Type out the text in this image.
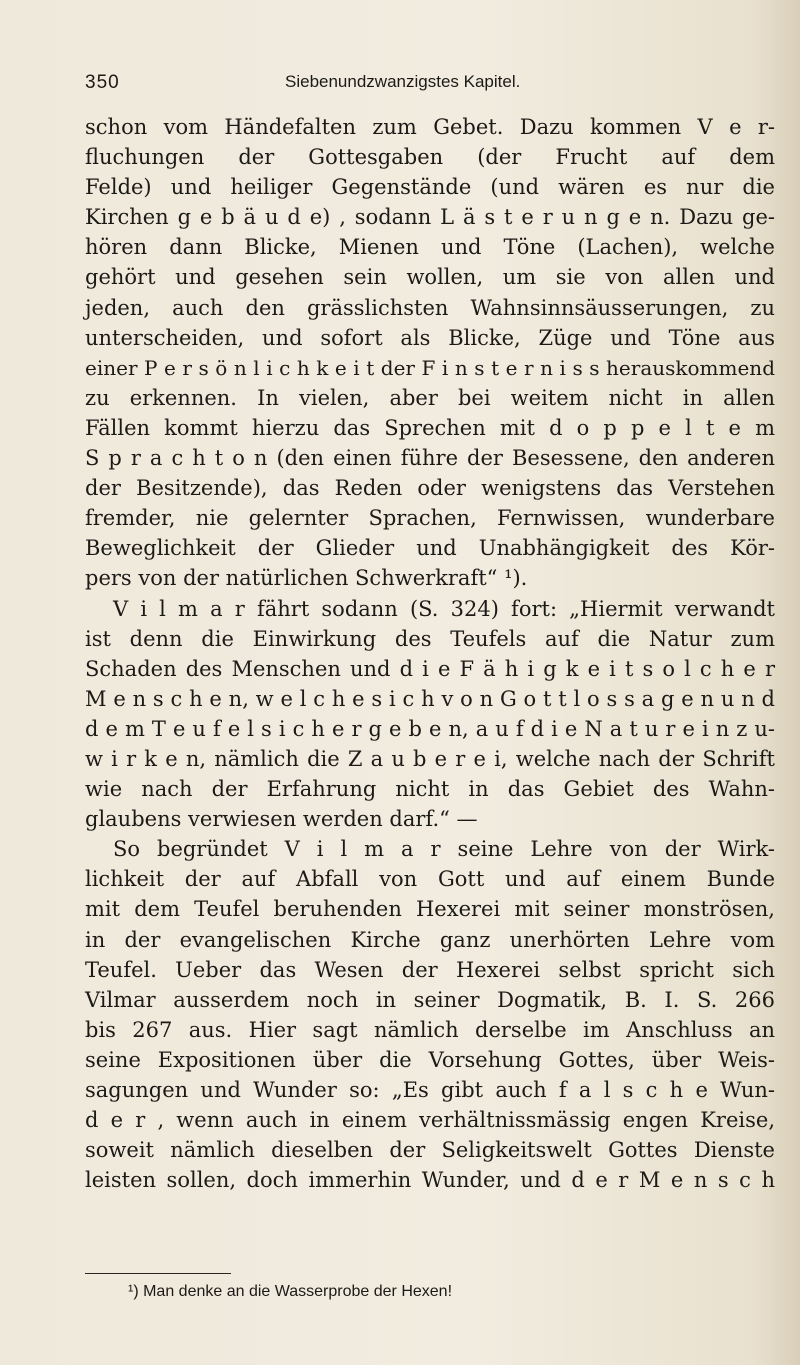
350	Siebenundzwanzigstes Kapitel.
schon vom Händefalten zum Gebet. Dazu kommen V e r-
fluchungen der Gottesgaben (der Frucht auf dem
Felde) und heiliger Gegenstände (und wären es nur die
Kirchen g e b ä u d e) , sodann L ä s t e r u n g e n. Dazu ge-
hören dann Blicke, Mienen und Töne (Lachen), welche
gehört und gesehen sein wollen, um sie von allen und
jeden, auch den grässlichsten Wahnsinnsäusserungen, zu
unterscheiden, und sofort als Blicke, Züge und Töne aus
einer P e r s ö n l i c h k e i t der F i n s t e r n i s s herauskommend
zu erkennen. In vielen, aber bei weitem nicht in allen
Fällen kommt hierzu das Sprechen mit d o p p e l t e m
S p r a c h t o n (den einen führe der Besessene, den anderen
der Besitzende), das Reden oder wenigstens das Verstehen
fremder, nie gelernter Sprachen, Fernwissen, wunderbare
Beweglichkeit der Glieder und Unabhängigkeit des Kör-
pers von der natürlichen Schwerkraft“ ¹).
V i l m a r fährt sodann (S. 324) fort: „Hiermit verwandt
ist denn die Einwirkung des Teufels auf die Natur zum
Schaden des Menschen und d i e F ä h i g k e i t s o l c h e r
M e n s c h e n, w e l c h e s i c h v o n G o t t l o s s a g e n u n d
d e m T e u f e l s i c h e r g e b e n, a u f d i e N a t u r e i n z u-
w i r k e n, nämlich die Z a u b e r e i, welche nach der Schrift
wie nach der Erfahrung nicht in das Gebiet des Wahn-
glaubens verwiesen werden darf.“ —
So begründet V i l m a r seine Lehre von der Wirk-
lichkeit der auf Abfall von Gott und auf einem Bunde
mit dem Teufel beruhenden Hexerei mit seiner monströsen,
in der evangelischen Kirche ganz unerhörten Lehre vom
Teufel. Ueber das Wesen der Hexerei selbst spricht sich
Vilmar ausserdem noch in seiner Dogmatik, B. I. S. 266
bis 267 aus. Hier sagt nämlich derselbe im Anschluss an
seine Expositionen über die Vorsehung Gottes, über Weis-
sagungen und Wunder so: „Es gibt auch f a l s c h e Wun-
d e r , wenn auch in einem verhältnissmässig engen Kreise,
soweit nämlich dieselben der Seligkeitswelt Gottes Dienste
leisten sollen, doch immerhin Wunder, und d e r M e n s c h
¹) Man denke an die Wasserprobe der Hexen!
